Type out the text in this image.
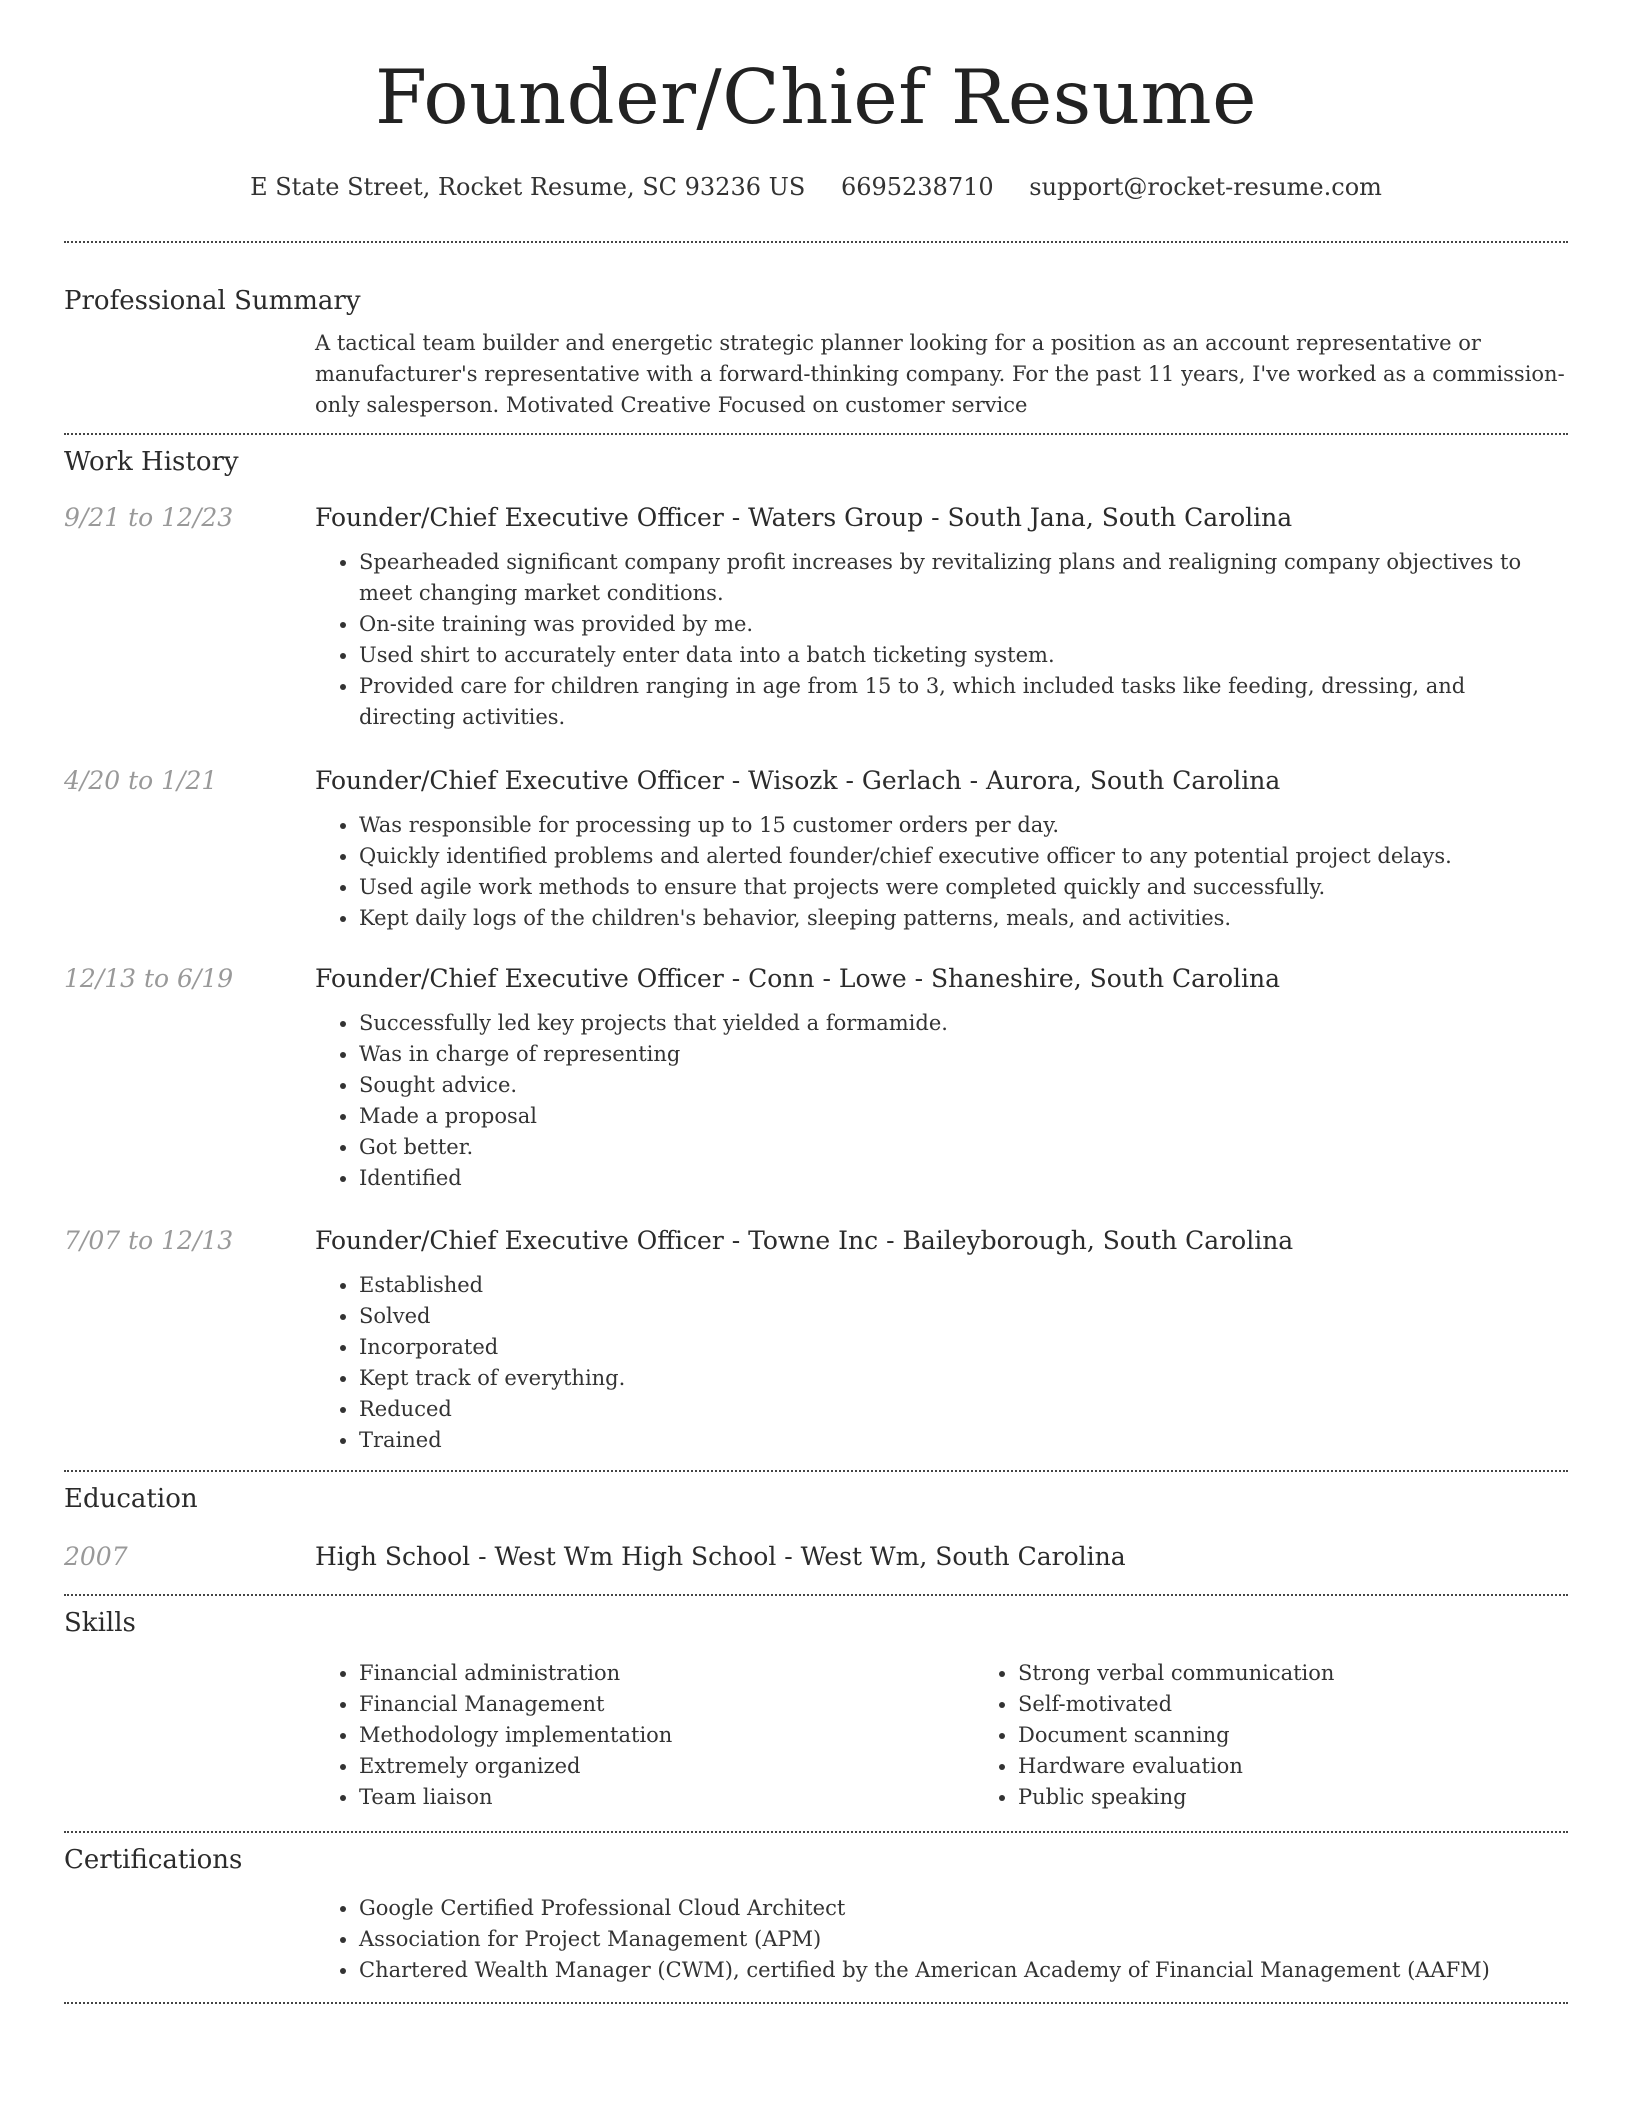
Founder/Chief Resume
E State Street, Rocket Resume, SC 93236 US 6695238710 support@rocket-resume.com
Professional Summary

A tactical team builder and energetic strategic planner looking for a position as an account representative or manufacturer's representative with a forward-thinking company. For the past 11 years, I've worked as a commission-only salesperson. Motivated Creative Focused on customer service

Work History
9/21 to 12/23	Founder/Chief Executive Officer - Waters Group - South Jana, South Carolina
• Spearheaded significant company profit increases by revitalizing plans and realigning company objectives to meet changing market conditions.
• On-site training was provided by me.
• Used shirt to accurately enter data into a batch ticketing system.
• Provided care for children ranging in age from 15 to 3, which included tasks like feeding, dressing, and directing activities.
4/20 to 1/21	Founder/Chief Executive Officer - Wisozk - Gerlach - Aurora, South Carolina
• Was responsible for processing up to 15 customer orders per day.
• Quickly identified problems and alerted founder/chief executive officer to any potential project delays.
• Used agile work methods to ensure that projects were completed quickly and successfully.
• Kept daily logs of the children's behavior, sleeping patterns, meals, and activities.
12/13 to 6/19	Founder/Chief Executive Officer - Conn - Lowe - Shaneshire, South Carolina
• Successfully led key projects that yielded a formamide.
• Was in charge of representing
• Sought advice.
• Made a proposal
• Got better.
• Identified
7/07 to 12/13	Founder/Chief Executive Officer - Towne Inc - Baileyborough, South Carolina
• Established
• Solved
• Incorporated
• Kept track of everything.
• Reduced
• Trained
Education
2007	High School - West Wm High School - West Wm, South Carolina
Skills
• Financial administration
• Financial Management
• Methodology implementation
• Extremely organized
• Team liaison
• Strong verbal communication
• Self-motivated
• Document scanning
• Hardware evaluation
• Public speaking
Certifications
• Google Certified Professional Cloud Architect
• Association for Project Management (APM)
• Chartered Wealth Manager (CWM), certified by the American Academy of Financial Management (AAFM)
